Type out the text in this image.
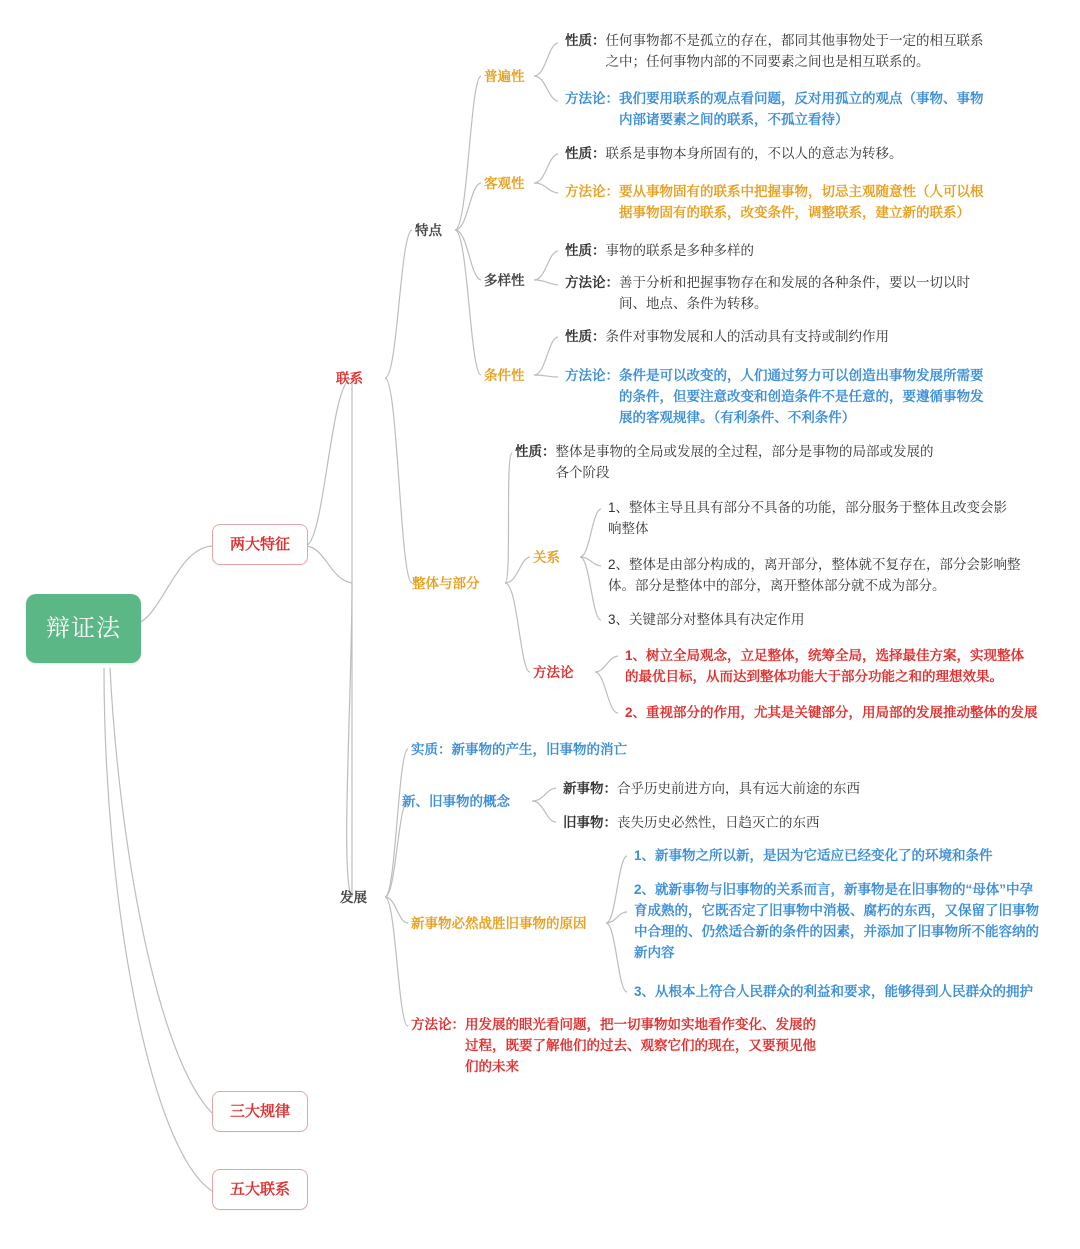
辩证法
两大特征
三大规律
五大联系
联系
特点
普遍性
性质： 任何事物都不是孤立的存在，都同其他事物处于一定的相互联系之中；任何事物内部的不同要素之间也是相互联系的。
方法论： 我们要用联系的观点看问题，反对用孤立的观点（事物、事物内部诸要素之间的联系，不孤立看待）
客观性
性质： 联系是事物本身所固有的，不以人的意志为转移。
方法论： 要从事物固有的联系中把握事物，切忌主观随意性（人可以根据事物固有的联系，改变条件，调整联系，建立新的联系）
多样性
性质： 事物的联系是多种多样的
方法论： 善于分析和把握事物存在和发展的各种条件，要以一切以时间、地点、条件为转移。
条件性
性质： 条件对事物发展和人的活动具有支持或制约作用
方法论： 条件是可以改变的，人们通过努力可以创造出事物发展所需要的条件，但要注意改变和创造条件不是任意的，要遵循事物发展的客观规律。（有利条件、不利条件）
整体与部分
性质： 整体是事物的全局或发展的全过程，部分是事物的局部或发展的各个阶段
关系
1、整体主导且具有部分不具备的功能，部分服务于整体且改变会影响整体
2、整体是由部分构成的，离开部分，整体就不复存在，部分会影响整体。部分是整体中的部分，离开整体部分就不成为部分。
3、关键部分对整体具有决定作用
方法论
1、树立全局观念，立足整体，统筹全局，选择最佳方案，实现整体的最优目标，从而达到整体功能大于部分功能之和的理想效果。
2、重视部分的作用，尤其是关键部分，用局部的发展推动整体的发展
发展
实质： 新事物的产生，旧事物的消亡
新、旧事物的概念
新事物： 合乎历史前进方向，具有远大前途的东西
旧事物： 丧失历史必然性，日趋灭亡的东西
新事物必然战胜旧事物的原因
1、新事物之所以新，是因为它适应已经变化了的环境和条件
2、就新事物与旧事物的关系而言，新事物是在旧事物的“母体”中孕育成熟的，它既否定了旧事物中消极、腐朽的东西，又保留了旧事物中合理的、仍然适合新的条件的因素，并添加了旧事物所不能容纳的新内容
3、从根本上符合人民群众的利益和要求，能够得到人民群众的拥护
方法论： 用发展的眼光看问题，把一切事物如实地看作变化、发展的过程，既要了解他们的过去、观察它们的现在，又要预见他们的未来
